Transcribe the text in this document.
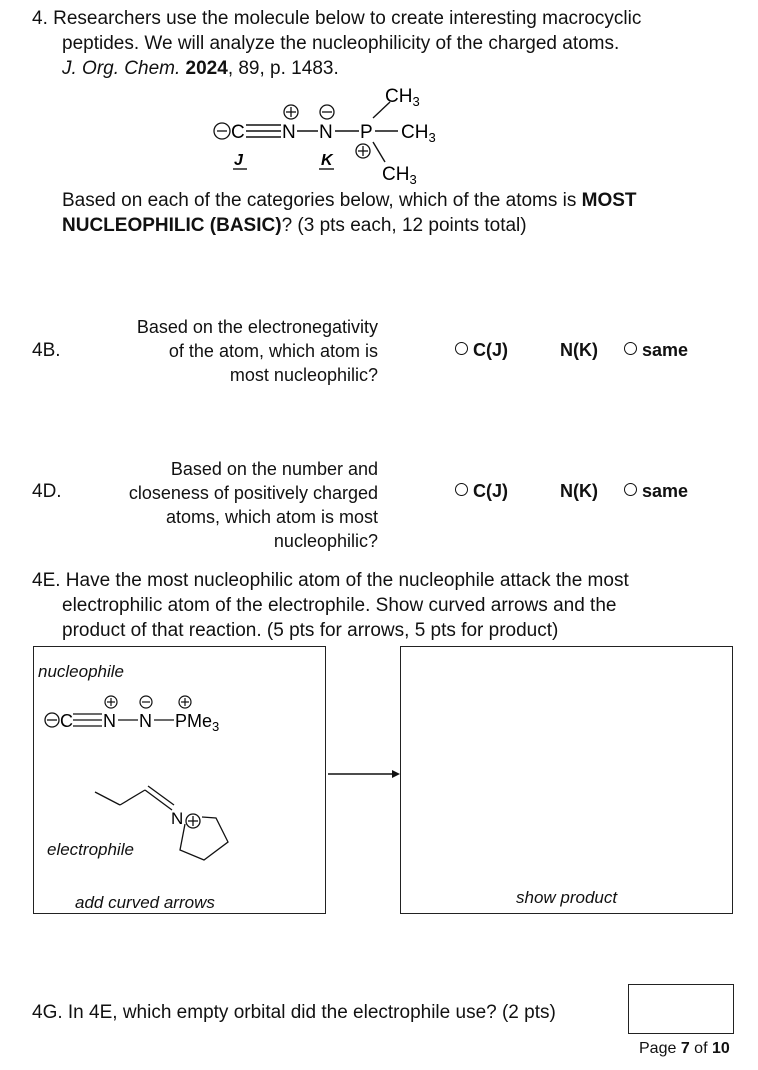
4. Researchers use the molecule below to create interesting macrocyclic
peptides. We will analyze the nucleophilicity of the charged atoms.
J. Org. Chem. 2024, 89, p. 1483.
C N N P
$CH_3$
$CH_3$
$CH_3$
J	K
Based on each of the categories below, which of the atoms is MOST
NUCLEOPHILIC (BASIC)? (3 pts each, 12 points total)
4B.
Based on the electronegativity
of the atom, which atom is
most nucleophilic?
C(J)	N(K)	same
4D.
Based on the number and
closeness of positively charged
atoms, which atom is most
nucleophilic?
C(J)	N(K)	same
4E. Have the most nucleophilic atom of the nucleophile attack the most
electrophilic atom of the electrophile. Show curved arrows and the
product of that reaction. (5 pts for arrows, 5 pts for product)
nucleophile
electrophile
add curved arrows
C N N PMe$_3$
N
show product
4G. In 4E, which empty orbital did the electrophile use? (2 pts)
Page 7 of 10
